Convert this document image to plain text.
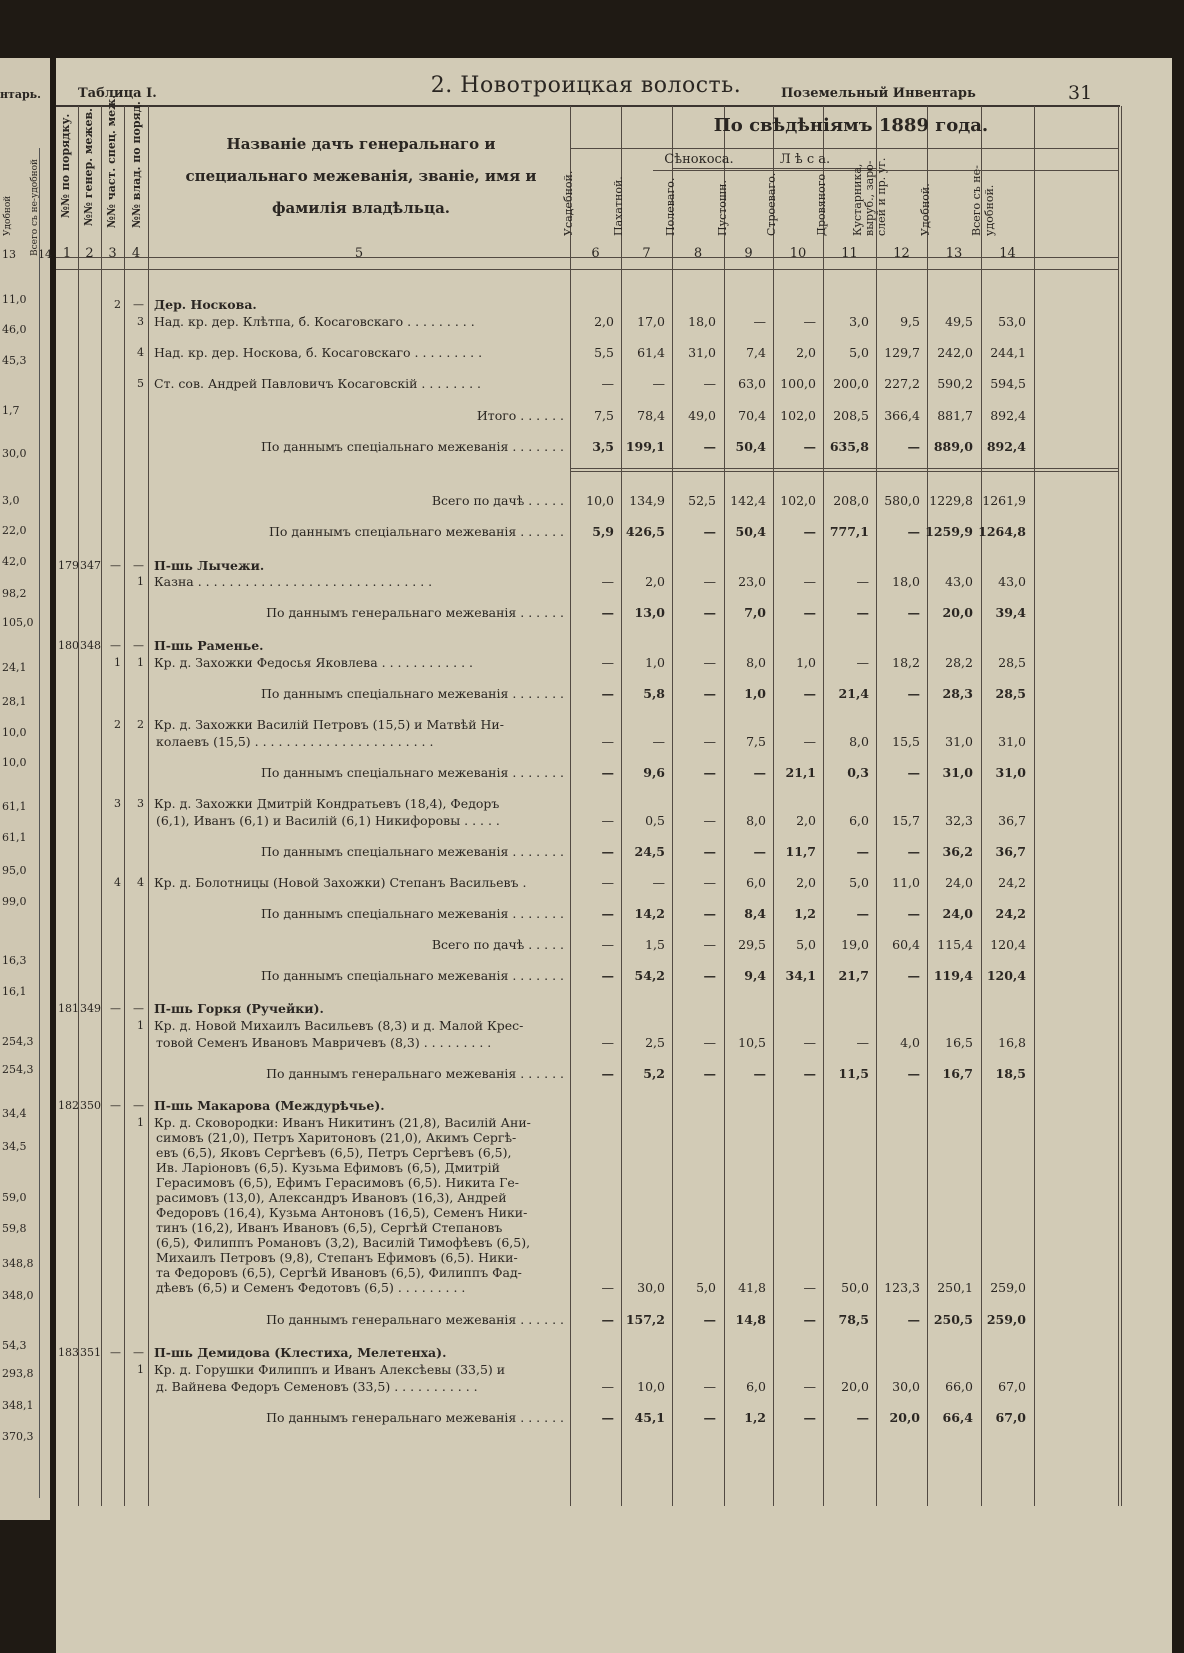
нтарь.
Удобной Всего съ не-удобной
13 14
11,0
46,0
45,3
1,7
30,0
3,0
22,0
42,0
98,2
105,0
24,1
28,1
10,0
10,0
61,1
61,1
95,0
99,0
16,3
16,1
254,3
254,3
34,4
34,5
59,0
59,8
348,8
348,0
54,3
293,8
348,1
370,3
Таблица I.	2. Новотроицкая волость.	Поземельный Инвентарь	31
№№ по порядку. №№ генер. межев. №№ част. спец. меж. №№ влад. по поряд.	Названіе дачъ генеральнаго и специальнаго межеванія, званіе, имя и фамилія владѣльца.
По свѣдѣніямъ 1889 года.
Сѣнокоса.	Л ѣ с а.
Усадебной.	Пахатной.	Полеваго.	Пустошн.	Строеваго.	Дровяного Кустарника, выруб., заро- слей и пр. уг.	Удобной.	Всего съ не- удобной.
1	2	3	4	5	6	7	8	9	10	11	12	13	14
2	— Дер. Носкова.
3 Над. кр. дер. Клѣтпа, б. Косаговскаго . . . . . . . . .	2,0	17,0	18,0	—	—	3,0	9,5	49,5	53,0
4 Над. кр. дер. Носкова, б. Косаговскаго . . . . . . . . .	5,5	61,4	31,0	7,4	2,0	5,0	129,7	242,0	244,1
5 Ст. сов. Андрей Павловичъ Косаговскій . . . . . . . .	—	—	—	63,0	100,0	200,0	227,2	590,2	594,5
Итого . . . . . .	7,5	78,4	49,0	70,4	102,0	208,5	366,4	881,7	892,4
По даннымъ спеціальнаго межеванія . . . . . . .	3,5 199,1	—	50,4	—	635,8	—	889,0	892,4
Всего по дачѣ . . . . .	10,0	134,9	52,5	142,4	102,0	208,0	580,0 1229,8 1261,9
По даннымъ спеціальнаго межеванія . . . . . .	5,9 426,5	—	50,4	—	777,1	— 1259,9 1264,8
179 347 —	— П-шь Лычежи.
1 Казна . . . . . . . . . . . . . . . . . . . . . . . . . . . . . .	—	2,0	—	23,0	—	—	18,0	43,0	43,0
По даннымъ генеральнаго межеванія . . . . . .	—	13,0	—	7,0	—	—	—	20,0	39,4
180 348 —	— П-шь Раменье.
1	1 Кр. д. Захожки Федосья Яковлева . . . . . . . . . . . .	—	1,0	—	8,0	1,0	—	18,2	28,2	28,5
По даннымъ спеціальнаго межеванія . . . . . . .	—	5,8	—	1,0	—	21,4	—	28,3	28,5
2	2 Кр. д. Захожки Василій Петровъ (15,5) и Матвѣй Ни-
колаевъ (15,5) . . . . . . . . . . . . . . . . . . . . . . .	—	—	—	7,5	—	8,0	15,5	31,0	31,0
По даннымъ спеціальнаго межеванія . . . . . . .	—	9,6	—	—	21,1	0,3	—	31,0	31,0
3	3 Кр. д. Захожки Дмитрій Кондратьевъ (18,4), Федоръ
(6,1), Иванъ (6,1) и Василій (6,1) Никифоровы . . . . .	—	0,5	—	8,0	2,0	6,0	15,7	32,3	36,7
По даннымъ спеціальнаго межеванія . . . . . . .	—	24,5	—	—	11,7	—	—	36,2	36,7
4	4 Кр. д. Болотницы (Новой Захожки) Степанъ Васильевъ .	—	—	—	6,0	2,0	5,0	11,0	24,0	24,2
По даннымъ спеціальнаго межеванія . . . . . . .	—	14,2	—	8,4	1,2	—	—	24,0	24,2
Всего по дачѣ . . . . .	—	1,5	—	29,5	5,0	19,0	60,4	115,4	120,4
По даннымъ спеціальнаго межеванія . . . . . . .	—	54,2	—	9,4	34,1	21,7	—	119,4	120,4
181 349 —	— П-шь Горкя (Ручейки).
1 Кр. д. Новой Михаилъ Васильевъ (8,3) и д. Малой Крес-
товой Семенъ Ивановъ Мавричевъ (8,3) . . . . . . . . .	—	2,5	—	10,5	—	—	4,0	16,5	16,8
По даннымъ генеральнаго межеванія . . . . . .	—	5,2	—	—	—	11,5	—	16,7	18,5
182 350 —	— П-шь Макарова (Междурѣчье).
1 Кр. д. Сковородки: Иванъ Никитинъ (21,8), Василій Ани-
симовъ (21,0), Петръ Харитоновъ (21,0), Акимъ Сергѣ-
евъ (6,5), Яковъ Сергѣевъ (6,5), Петръ Сергѣевъ (6,5),
Ив. Ларіоновъ (6,5). Кузьма Ефимовъ (6,5), Дмитрій
Герасимовъ (6,5), Ефимъ Герасимовъ (6,5). Никита Ге-
расимовъ (13,0), Александръ Ивановъ (16,3), Андрей
Федоровъ (16,4), Кузьма Антоновъ (16,5), Семенъ Ники-
тинъ (16,2), Иванъ Ивановъ (6,5), Сергѣй Степановъ
(6,5), Филиппъ Романовъ (3,2), Василій Тимофѣевъ (6,5),
Михаилъ Петровъ (9,8), Степанъ Ефимовъ (6,5). Ники-
та Федоровъ (6,5), Сергѣй Ивановъ (6,5), Филиппъ Фад-
дѣевъ (6,5) и Семенъ Федотовъ (6,5) . . . . . . . . .	—	30,0	5,0	41,8	—	50,0	123,3	250,1	259,0
По даннымъ генеральнаго межеванія . . . . . .	— 157,2	—	14,8	—	78,5	—	250,5	259,0
183 351 —	— П-шь Демидова (Клестиха, Мелетенха).
1 Кр. д. Горушки Филиппъ и Иванъ Алексѣевы (33,5) и
д. Вайнева Федоръ Семеновъ (33,5) . . . . . . . . . . .	—	10,0	—	6,0	—	20,0	30,0	66,0	67,0
По даннымъ генеральнаго межеванія . . . . . .	—	45,1	—	1,2	—	—	20,0	66,4	67,0
